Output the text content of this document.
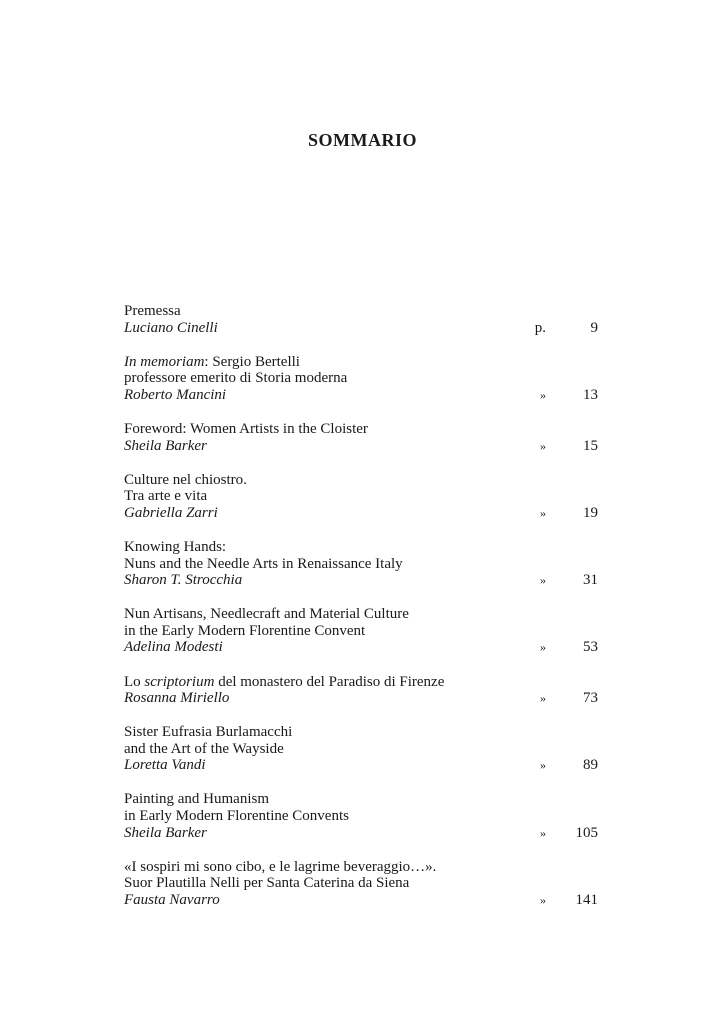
SOMMARIO
Premessa
Luciano Cinelli	p.	9
In memoriam: Sergio Bertelli
professore emerito di Storia moderna
Roberto Mancini	» 13
Foreword: Women Artists in the Cloister
Sheila Barker	» 15
Culture nel chiostro.
Tra arte e vita
Gabriella Zarri	» 19
Knowing Hands:
Nuns and the Needle Arts in Renaissance Italy
Sharon T. Strocchia	» 31
Nun Artisans, Needlecraft and Material Culture
in the Early Modern Florentine Convent
Adelina Modesti	» 53
Lo scriptorium del monastero del Paradiso di Firenze
Rosanna Miriello	» 73
Sister Eufrasia Burlamacchi
and the Art of the Wayside
Loretta Vandi	» 89
Painting and Humanism
in Early Modern Florentine Convents
Sheila Barker	» 105
«I sospiri mi sono cibo, e le lagrime beveraggio…».
Suor Plautilla Nelli per Santa Caterina da Siena
Fausta Navarro	» 141
